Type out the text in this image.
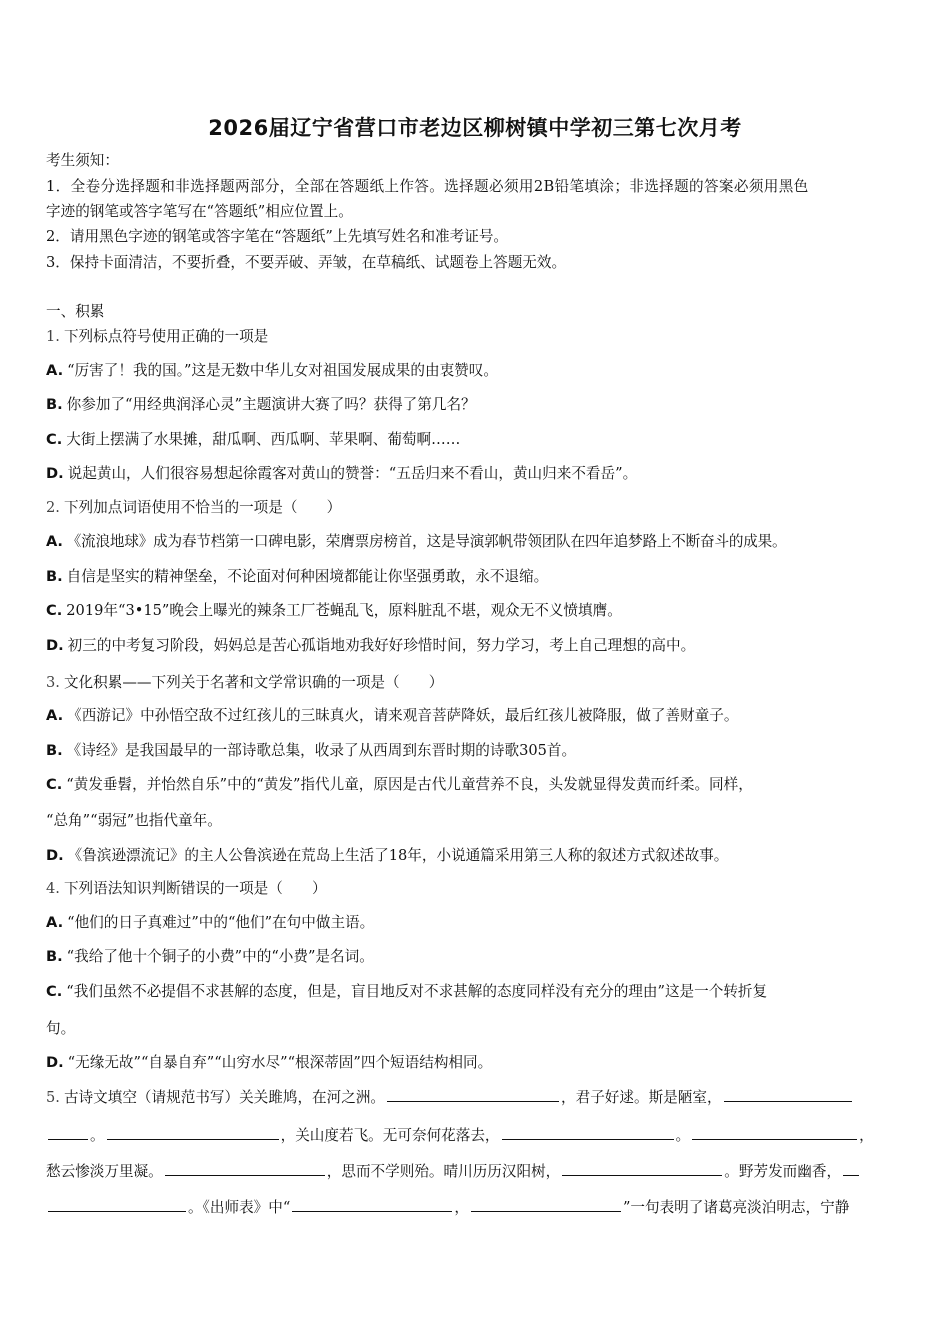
2026届辽宁省营口市老边区柳树镇中学初三第七次月考
考生须知：
1．全卷分选择题和非选择题两部分，全部在答题纸上作答。选择题必须用2B铅笔填涂；非选择题的答案必须用黑色
字迹的钢笔或答字笔写在“答题纸”相应位置上。
2．请用黑色字迹的钢笔或答字笔在“答题纸”上先填写姓名和准考证号。
3．保持卡面清洁，不要折叠，不要弄破、弄皱，在草稿纸、试题卷上答题无效。
一、积累
1. 下列标点符号使用正确的一项是
A. “厉害了！我的国。”这是无数中华儿女对祖国发展成果的由衷赞叹。
B. 你参加了“用经典润泽心灵”主题演讲大赛了吗？获得了第几名？
C. 大街上摆满了水果摊，甜瓜啊、西瓜啊、苹果啊、葡萄啊……
D. 说起黄山，人们很容易想起徐霞客对黄山的赞誉：“五岳归来不看山，黄山归来不看岳”。
2. 下列加点词语使用不恰当的一项是（　　）
A. 《流浪地球》成为春节档第一口碑电影，荣膺票房榜首，这是导演郭帆带领团队在四年追梦路上不断奋斗的成果。
B. 自信是坚实的精神堡垒，不论面对何种困境都能让你坚强勇敢，永不退缩。
C. 2019年“3•15”晚会上曝光的辣条工厂苍蝇乱飞，原料脏乱不堪，观众无不义愤填膺。
D. 初三的中考复习阶段，妈妈总是苦心孤诣地劝我好好珍惜时间，努力学习，考上自己理想的高中。
3. 文化积累——下列关于名著和文学常识确的一项是（　　）
A. 《西游记》中孙悟空敌不过红孩儿的三昧真火，请来观音菩萨降妖，最后红孩儿被降服，做了善财童子。
B. 《诗经》是我国最早的一部诗歌总集，收录了从西周到东晋时期的诗歌305首。
C. “黄发垂髫，并怡然自乐”中的“黄发”指代儿童，原因是古代儿童营养不良，头发就显得发黄而纤柔。同样，
“总角”“弱冠”也指代童年。
D. 《鲁滨逊漂流记》的主人公鲁滨逊在荒岛上生活了18年，小说通篇采用第三人称的叙述方式叙述故事。
4. 下列语法知识判断错误的一项是（　　）
A. “他们的日子真难过”中的“他们”在句中做主语。
B. “我给了他十个铜子的小费”中的“小费”是名词。
C. “我们虽然不必提倡不求甚解的态度，但是，盲目地反对不求甚解的态度同样没有充分的理由”这是一个转折复
句。
D. “无缘无故”“自暴自弃”“山穷水尽”“根深蒂固”四个短语结构相同。
5. 古诗文填空（请规范书写）关关雎鸠，在河之洲。	，君子好逑。斯是陋室，
。	，关山度若飞。无可奈何花落去，	。	，
愁云惨淡万里凝。	，思而不学则殆。晴川历历汉阳树，	。野芳发而幽香，
。《出师表》中“	，	”一句表明了诸葛亮淡泊明志，宁静
